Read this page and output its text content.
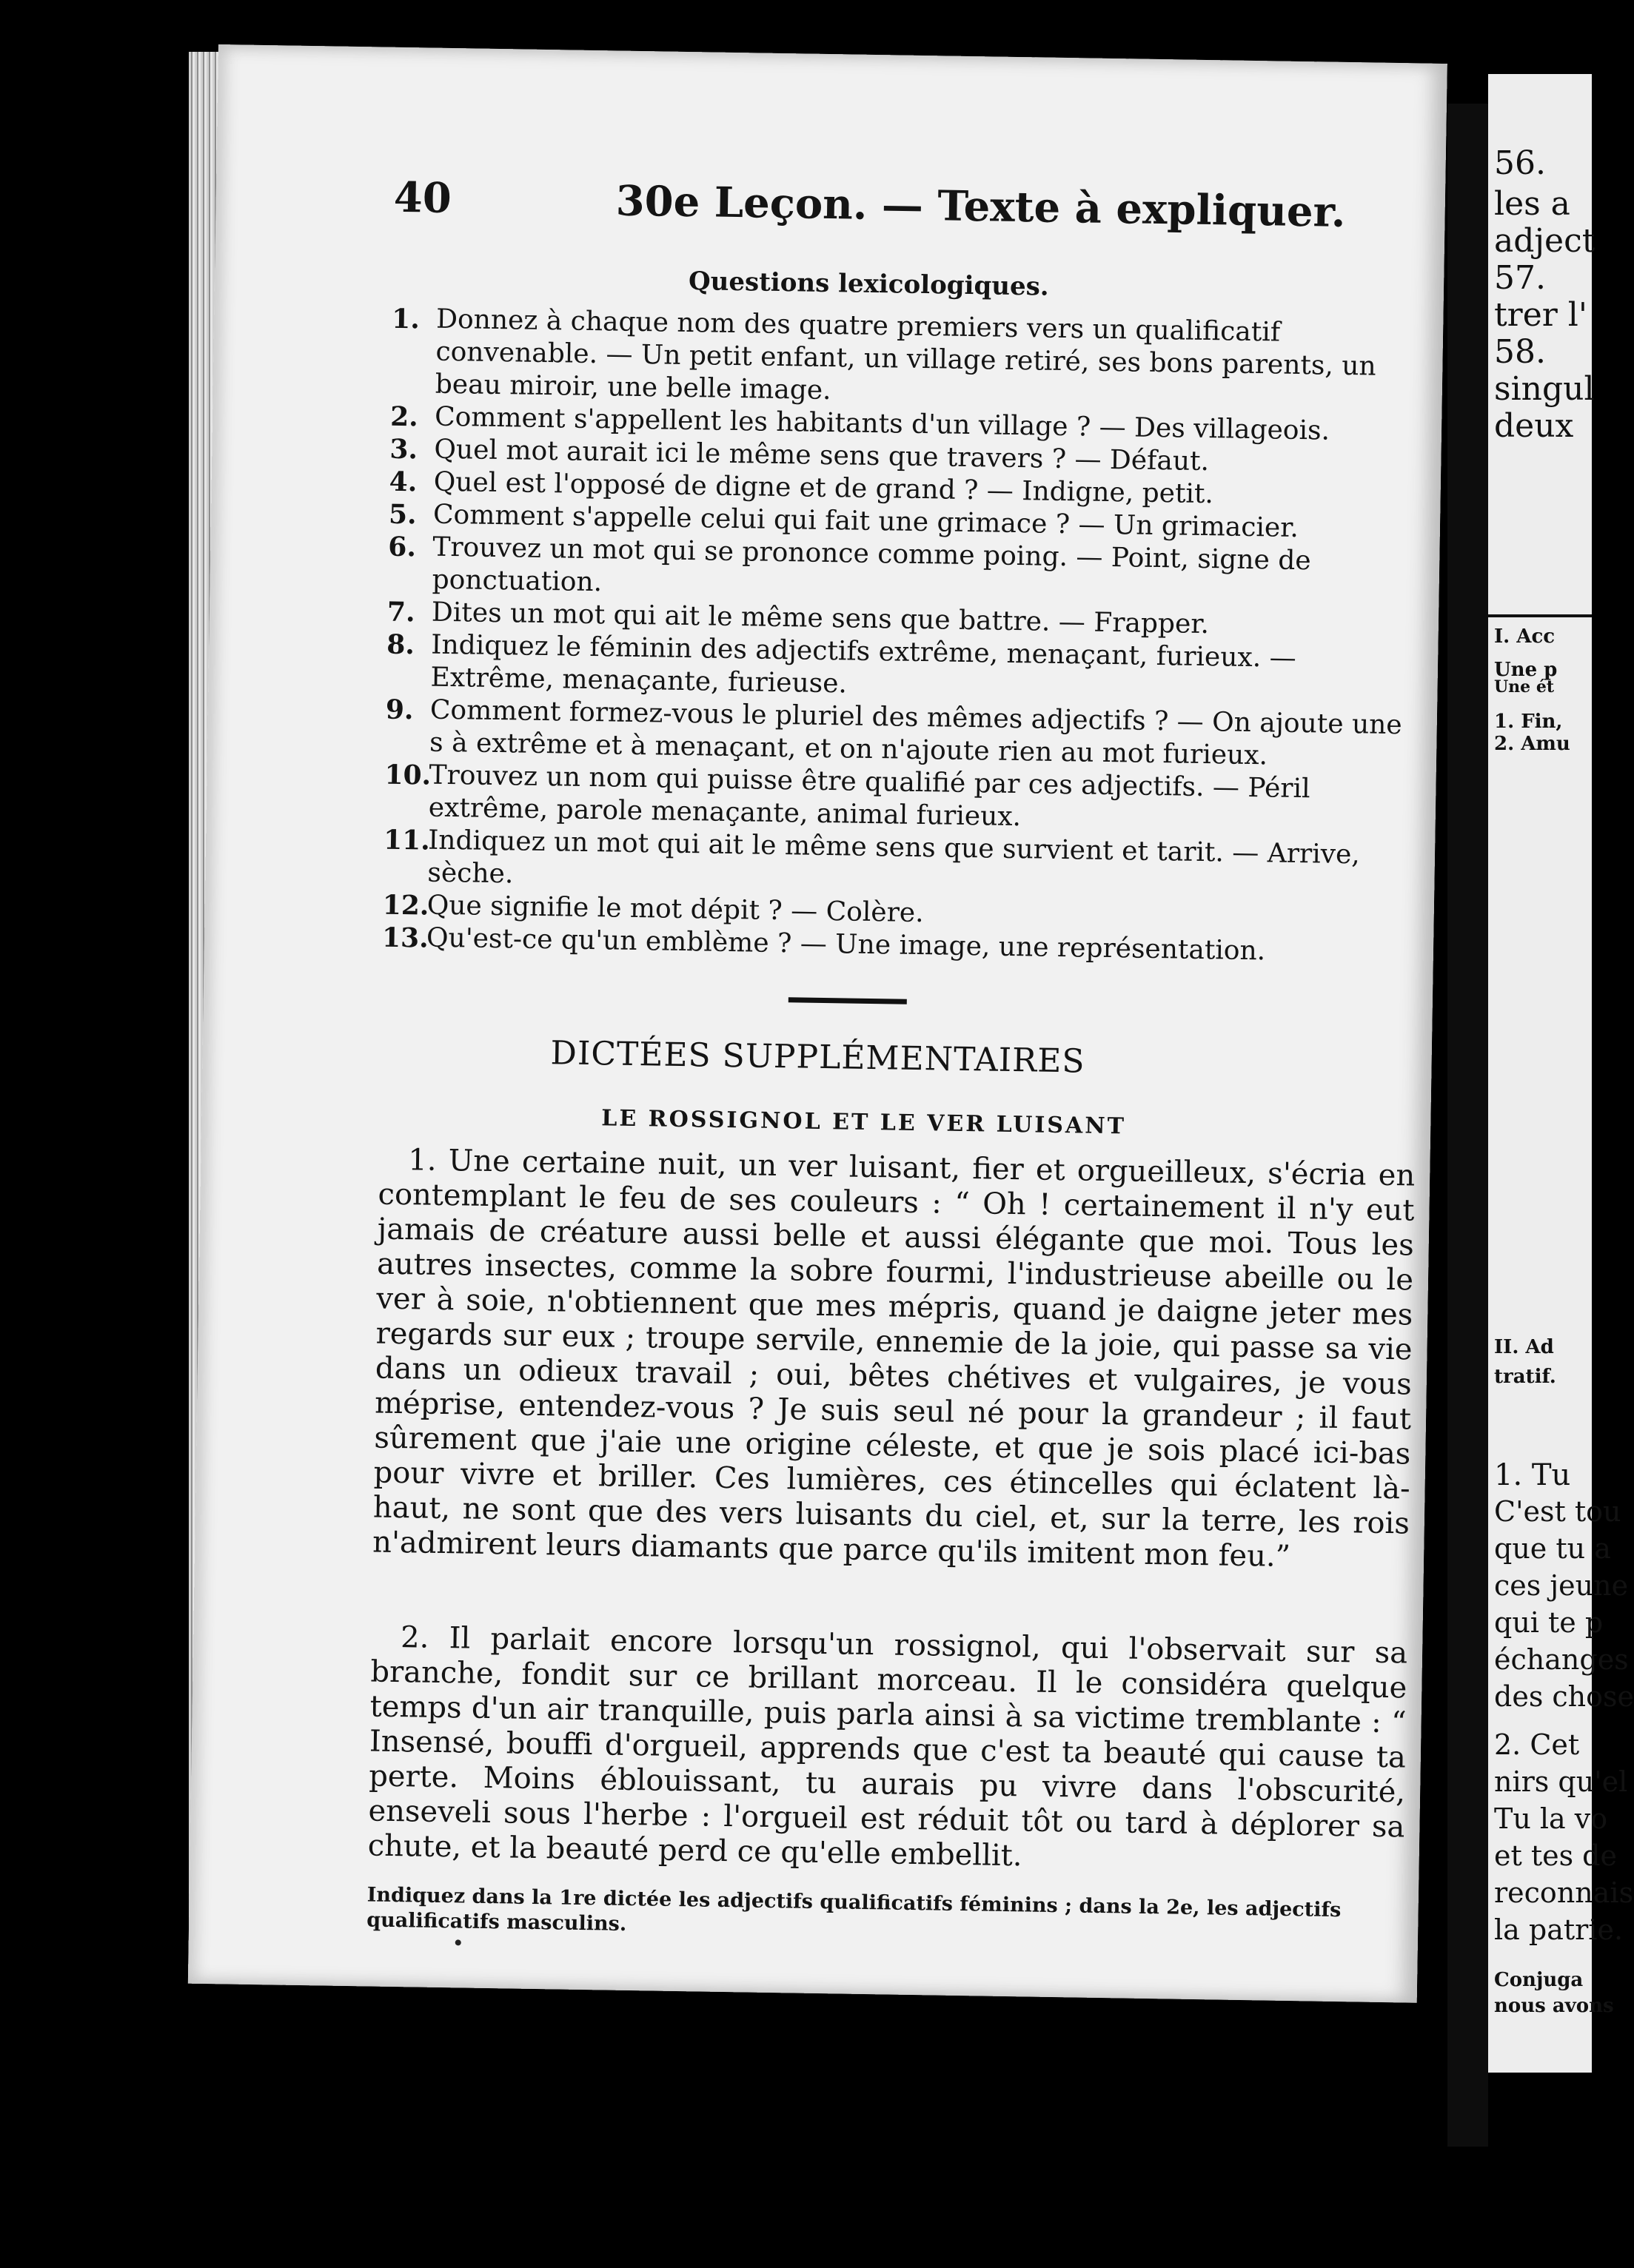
40	30e Leçon. — Texte à expliquer.
Questions lexicologiques.
1. Donnez à chaque nom des quatre premiers vers un qualificatif convenable. — Un petit enfant, un village retiré, ses bons parents, un beau miroir, une belle image.
2. Comment s'appellent les habitants d'un village ? — Des villageois.
3. Quel mot aurait ici le même sens que travers ? — Défaut.
4. Quel est l'opposé de digne et de grand ? — Indigne, petit.
5. Comment s'appelle celui qui fait une grimace ? — Un grimacier.
6. Trouvez un mot qui se prononce comme poing. — Point, signe de ponctuation.
7. Dites un mot qui ait le même sens que battre. — Frapper.
8. Indiquez le féminin des adjectifs extrême, menaçant, furieux. — Extrême, menaçante, furieuse.
9. Comment formez-vous le pluriel des mêmes adjectifs ? — On ajoute une s à extrême et à menaçant, et on n'ajoute rien au mot furieux.
10.
Trouvez un nom qui puisse être qualifié par ces adjectifs. — Péril extrême, parole menaçante, animal furieux.
11.
Indiquez un mot qui ait le même sens que survient et tarit. — Arrive, sèche.
12.
Que signifie le mot dépit ? — Colère.
13.
Qu'est-ce qu'un emblème ? — Une image, une représentation.
DICTÉES SUPPLÉMENTAIRES
LE ROSSIGNOL ET LE VER LUISANT
1. Une certaine nuit, un ver luisant, fier et orgueilleux, s'écria en contemplant le feu de ses couleurs : “ Oh ! certainement il n'y eut jamais de créature aussi belle et aussi élégante que moi. Tous les autres insectes, comme la sobre fourmi, l'industrieuse abeille ou le ver à soie, n'obtiennent que mes mépris, quand je daigne jeter mes regards sur eux ; troupe servile, ennemie de la joie, qui passe sa vie dans un odieux travail ; oui, bêtes chétives et vulgaires, je vous méprise, entendez-vous ? Je suis seul né pour la grandeur ; il faut sûrement que j'aie une origine céleste, et que je sois placé ici-bas pour vivre et briller. Ces lumières, ces étincelles qui éclatent là-haut, ne sont que des vers luisants du ciel, et, sur la terre, les rois n'admirent leurs diamants que parce qu'ils imitent mon feu.”
2. Il parlait encore lorsqu'un rossignol, qui l'observait sur sa branche, fondit sur ce brillant morceau. Il le considéra quelque temps d'un air tranquille, puis parla ainsi à sa victime tremblante : “ Insensé, bouffi d'orgueil, apprends que c'est ta beauté qui cause ta perte. Moins éblouissant, tu aurais pu vivre dans l'obscurité, enseveli sous l'herbe : l'orgueil est réduit tôt ou tard à déplorer sa chute, et la beauté perd ce qu'elle embellit.
Indiquez dans la 1re dictée les adjectifs qualificatifs féminins ; dans la 2e, les adjectifs qualificatifs masculins.
56.
les a
adject
57.
trer l'
58.
singul
deux
I. Acc
Une p
Une ét
1. Fin,
2. Amu
II. Ad
tratif.
1. Tu
C'est tou
que tu a
ces jeune
qui te p
échanges
des chose
2. Cet
nirs qu'el
Tu la vo
et tes de
reconnais
la patrie.
Conjuga
nous avons
